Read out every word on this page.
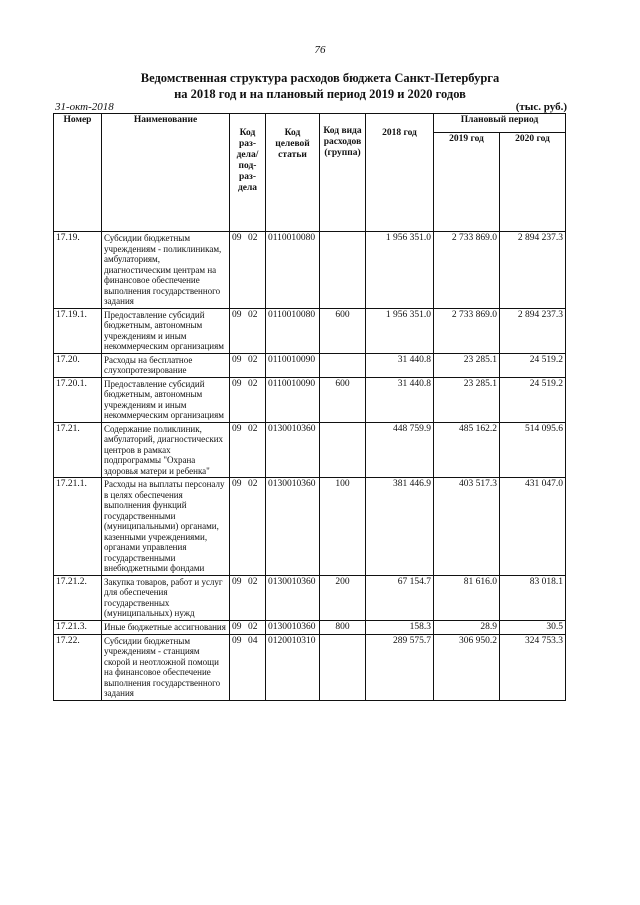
76
Ведомственная структура расходов бюджета Санкт-Петербурга
на 2018 год и на плановый период 2019 и 2020 годов
31-окт-2018	(тыс. руб.)
Номер	Наименование	Код раз-дела/ под-раз-дела	Код целевой статьи	Код вида расходов (группа)	2018 год	Плановый период	
						2019 год	2020 год
17.19.	Субсидии бюджетным учреждениям - поликлиникам, амбулаториям, диагностическим центрам на финансовое обеспечение выполнения государственного задания	09 02	0110010080		1 956 351.0	2 733 869.0	2 894 237.3
17.19.1.	Предоставление субсидий бюджетным, автономным учреждениям и иным некоммерческим организациям	09 02	0110010080	600	1 956 351.0	2 733 869.0	2 894 237.3
17.20.	Расходы на бесплатное слухопротезирование	09 02	0110010090		31 440.8	23 285.1	24 519.2
17.20.1.	Предоставление субсидий бюджетным, автономным учреждениям и иным некоммерческим организациям	09 02	0110010090	600	31 440.8	23 285.1	24 519.2
17.21.	Содержание поликлиник, амбулаторий, диагностических центров в рамках подпрограммы "Охрана здоровья матери и ребенка"	09 02	0130010360		448 759.9	485 162.2	514 095.6
17.21.1.	Расходы на выплаты персоналу в целях обеспечения выполнения функций государственными (муниципальными) органами, казенными учреждениями, органами управления государственными внебюджетными фондами	09 02	0130010360	100	381 446.9	403 517.3	431 047.0
17.21.2.	Закупка товаров, работ и услуг для обеспечения государственных (муниципальных) нужд	09 02	0130010360	200	67 154.7	81 616.0	83 018.1
17.21.3.	Иные бюджетные ассигнования	09 02	0130010360	800	158.3	28.9	30.5
17.22.	Субсидии бюджетным учреждениям - станциям скорой и неотложной помощи на финансовое обеспечение выполнения государственного задания	09 04	0120010310		289 575.7	306 950.2	324 753.3
